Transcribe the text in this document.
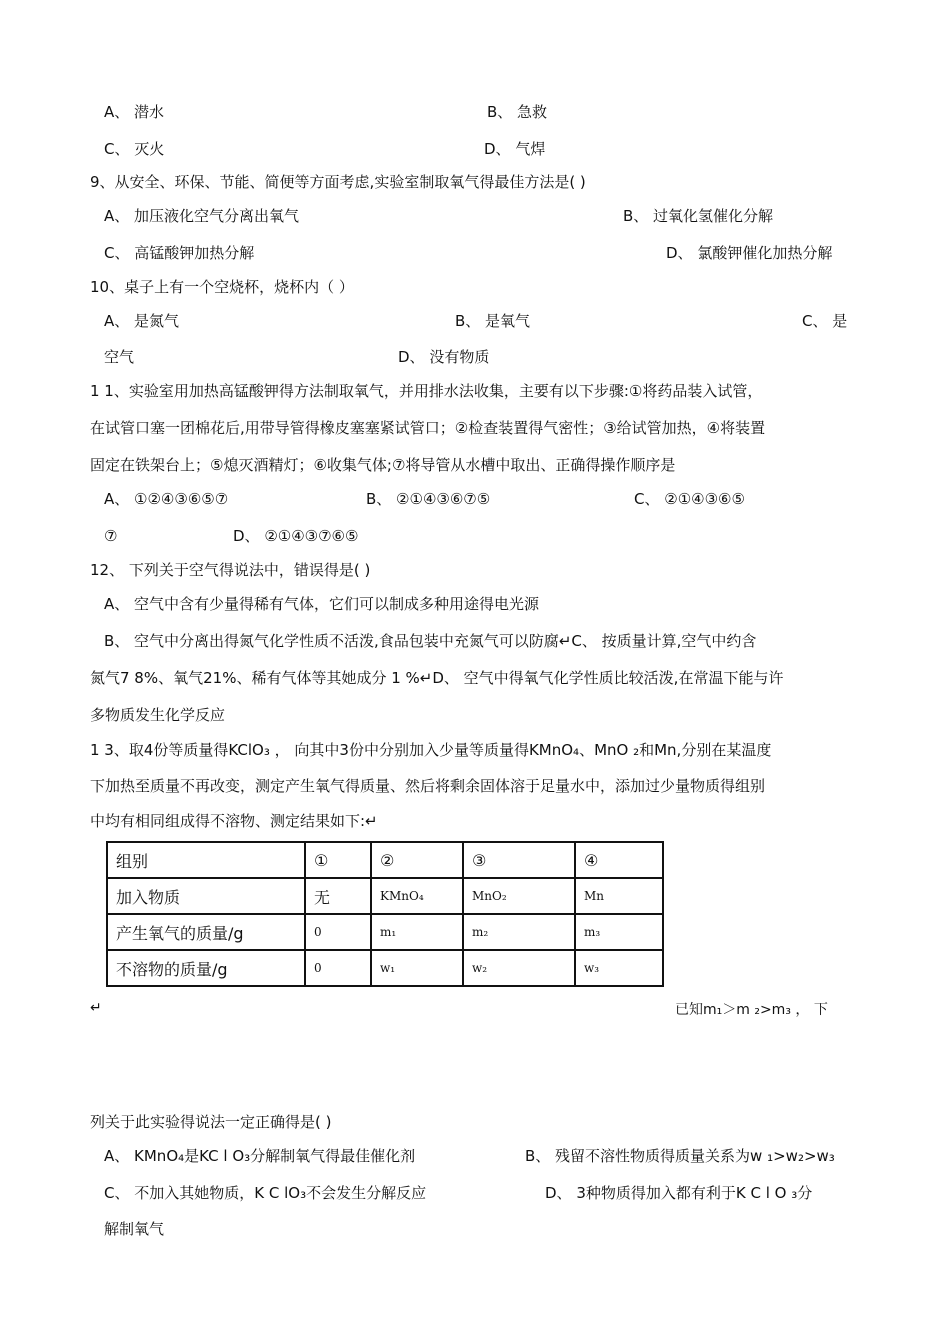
A、 潜水	B、 急救
C、 灭火	D、 气焊
9、从安全、环保、节能、简便等方面考虑,实验室制取氧气得最佳方法是( )
A、 加压液化空气分离出氧气	B、 过氧化氢催化分解
C、 高锰酸钾加热分解	D、 氯酸钾催化加热分解
10、桌子上有一个空烧杯，烧杯内（ ）
A、 是氮气	B、 是氧气	C、 是
空气	D、 没有物质
1 1、实验室用加热高锰酸钾得方法制取氧气，并用排水法收集，主要有以下步骤:①将药品装入试管，
在试管口塞一团棉花后,用带导管得橡皮塞塞紧试管口；②检查装置得气密性；③给试管加热，④将装置
固定在铁架台上；⑤熄灭酒精灯；⑥收集气体;⑦将导管从水槽中取出、正确得操作顺序是
A、 ①②④③⑥⑤⑦	B、 ②①④③⑥⑦⑤	C、 ②①④③⑥⑤
⑦	D、 ②①④③⑦⑥⑤
12、 下列关于空气得说法中，错误得是( )
A、 空气中含有少量得稀有气体，它们可以制成多种用途得电光源
B、 空气中分离出得氮气化学性质不活泼,食品包装中充氮气可以防腐↵C、 按质量计算,空气中约含
氮气7 8%、氧气21%、稀有气体等其她成分 1 %↵D、 空气中得氧气化学性质比较活泼,在常温下能与许
多物质发生化学反应
1 3、取4份等质量得KClO₃ ， 向其中3份中分别加入少量等质量得KMnO₄、MnO ₂和Mn,分别在某温度
下加热至质量不再改变，测定产生氧气得质量、然后将剩余固体溶于足量水中，添加过少量物质得组别
中均有相同组成得不溶物、测定结果如下:↵
组别	①	②	③	④
加入物质	无	KMnO₄	MnO₂	Mn
产生氧气的质量/g	0	m₁	m₂	m₃
不溶物的质量/g	0	w₁	w₂	w₃
↵	已知m₁＞m ₂>m₃ ， 下
列关于此实验得说法一定正确得是( )
A、 KMnO₄是KC l O₃分解制氧气得最佳催化剂	B、 残留不溶性物质得质量关系为w ₁>w₂>w₃
C、 不加入其她物质，K C lO₃不会发生分解反应	D、 3种物质得加入都有利于K C l O ₃分
解制氧气
